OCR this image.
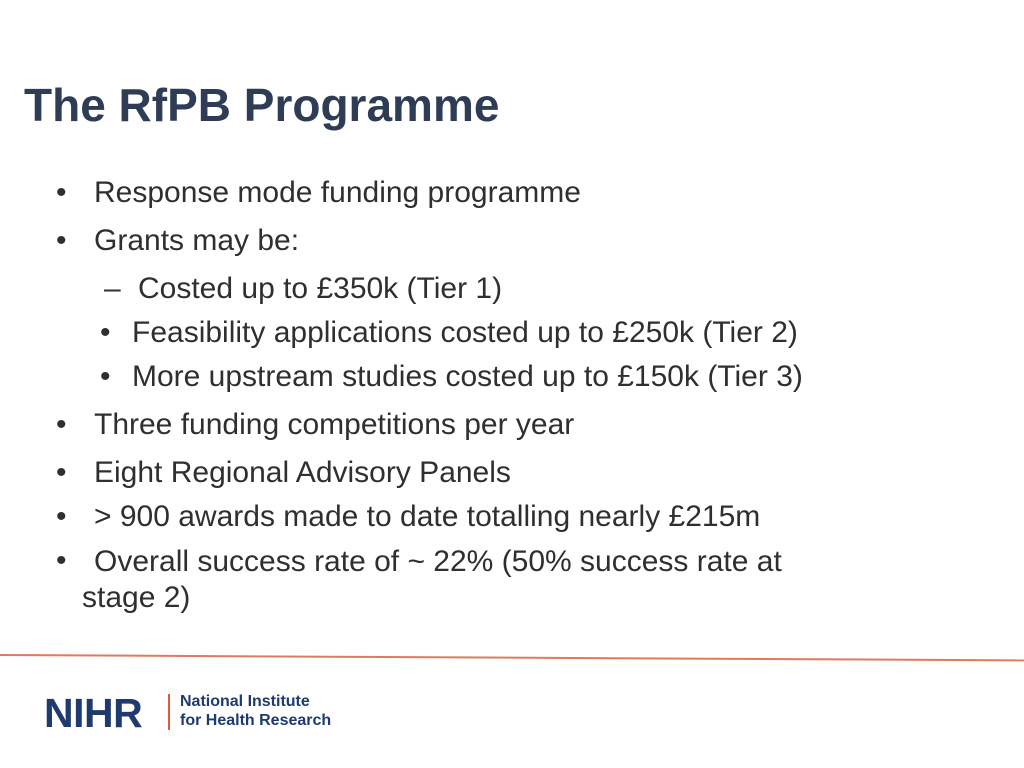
The RfPB Programme
• Response mode funding programme
• Grants may be:
– Costed up to £350k (Tier 1)
• Feasibility applications costed up to £250k (Tier 2)
• More upstream studies costed up to £150k (Tier 3)
• Three funding competitions per year
• Eight Regional Advisory Panels
• > 900 awards made to date totalling nearly £215m
• Overall success rate of ~ 22% (50% success rate at
stage 2)
NIHR National Institute
for Health Research
